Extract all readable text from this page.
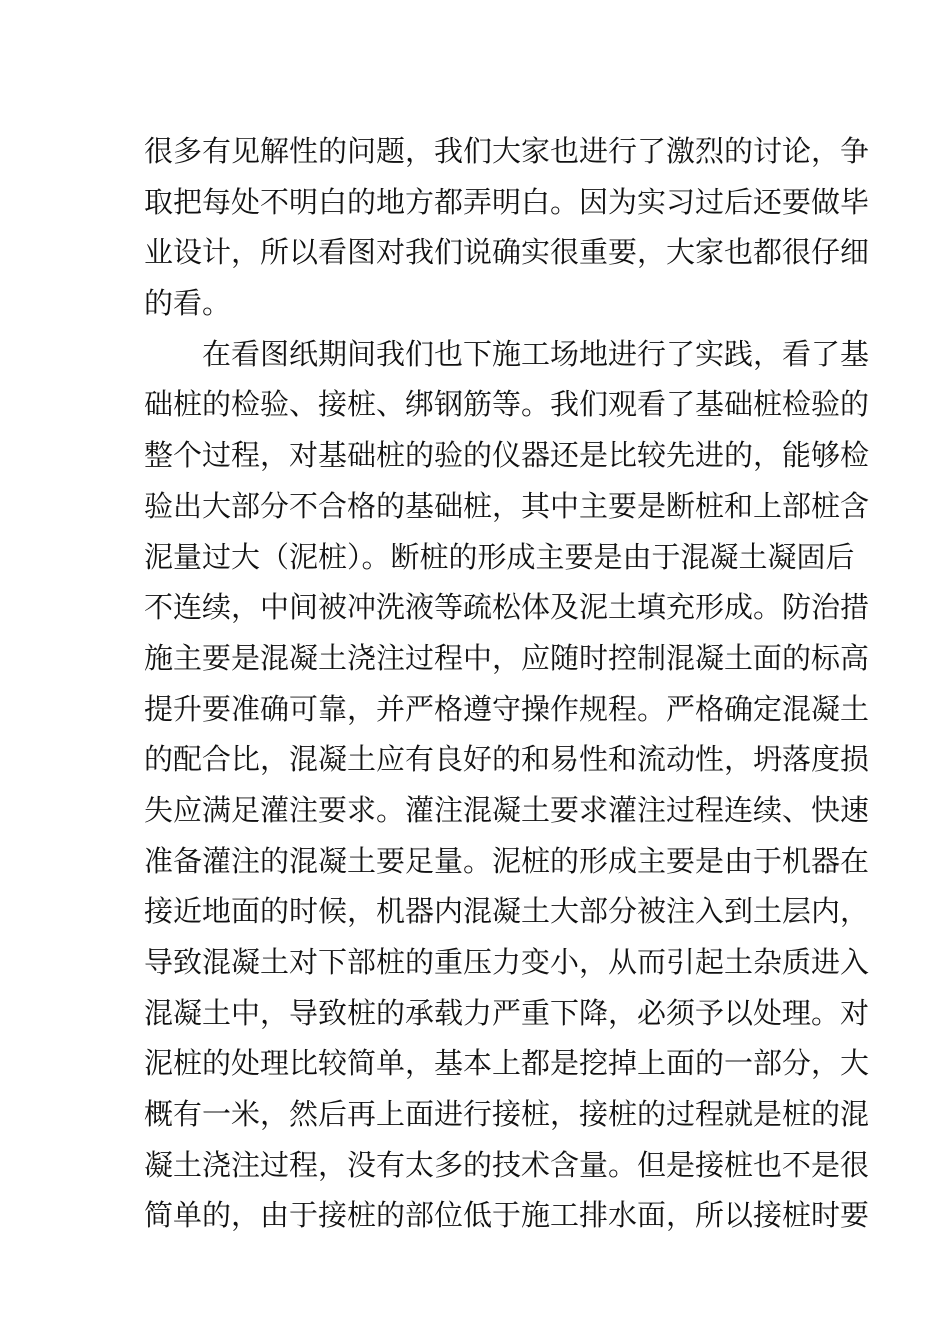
很多有见解性的问题，我们大家也进行了激烈的讨论，争
取把每处不明白的地方都弄明白。因为实习过后还要做毕
业设计，所以看图对我们说确实很重要，大家也都很仔细
的看。
在看图纸期间我们也下施工场地进行了实践，看了基
础桩的检验、接桩、绑钢筋等。我们观看了基础桩检验的
整个过程，对基础桩的验的仪器还是比较先进的，能够检
验出大部分不合格的基础桩，其中主要是断桩和上部桩含
泥量过大（泥桩）。断桩的形成主要是由于混凝土凝固后
不连续，中间被冲洗液等疏松体及泥土填充形成。防治措
施主要是混凝土浇注过程中，应随时控制混凝土面的标高
提升要准确可靠，并严格遵守操作规程。严格确定混凝土
的配合比，混凝土应有良好的和易性和流动性，坍落度损
失应满足灌注要求。灌注混凝土要求灌注过程连续、快速
准备灌注的混凝土要足量。泥桩的形成主要是由于机器在
接近地面的时候，机器内混凝土大部分被注入到土层内，
导致混凝土对下部桩的重压力变小，从而引起土杂质进入
混凝土中，导致桩的承载力严重下降，必须予以处理。对
泥桩的处理比较简单，基本上都是挖掉上面的一部分，大
概有一米，然后再上面进行接桩，接桩的过程就是桩的混
凝土浇注过程，没有太多的技术含量。但是接桩也不是很
简单的，由于接桩的部位低于施工排水面，所以接桩时要
